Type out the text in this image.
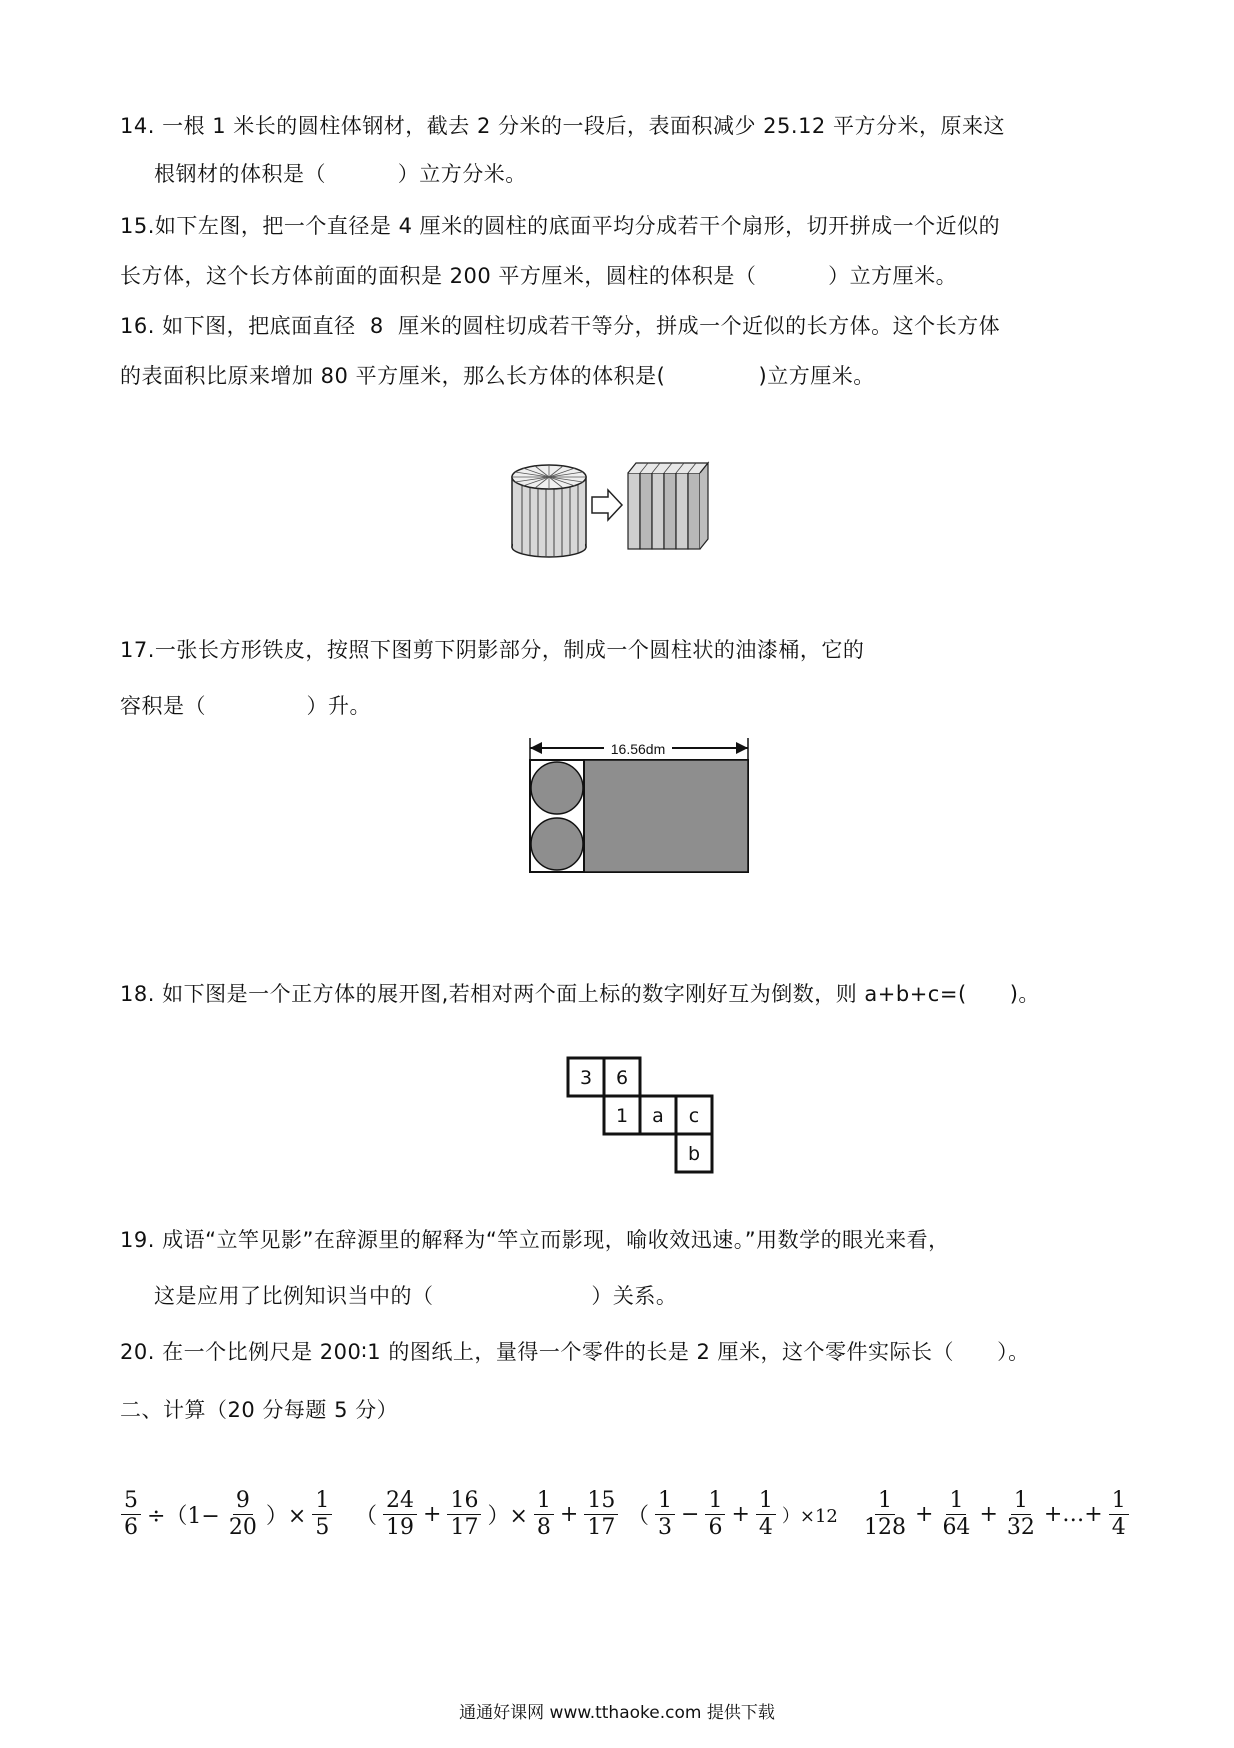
14. 一根 1 米长的圆柱体钢材，截去 2 分米的一段后，表面积减少 25.12 平方分米，原来这
根钢材的体积是（          ）立方分米。
15.如下左图，把一个直径是 4 厘米的圆柱的底面平均分成若干个扇形，切开拼成一个近似的
长方体，这个长方体前面的面积是 200 平方厘米，圆柱的体积是（          ）立方厘米。
16. 如下图，把底面直径  8  厘米的圆柱切成若干等分，拼成一个近似的长方体。这个长方体
的表面积比原来增加 80 平方厘米，那么长方体的体积是(             )立方厘米。
17.一张长方形铁皮，按照下图剪下阴影部分，制成一个圆柱状的油漆桶，它的
容积是（              ）升。
16.56dm
18. 如下图是一个正方体的展开图,若相对两个面上标的数字刚好互为倒数，则 a+b+c=(      )。
3 6
1 a c
b
19. 成语“立竿见影”在辞源里的解释为“竿立而影现，喻收效迅速。”用数学的眼光来看，
这是应用了比例知识当中的（                      ）关系。
20. 在一个比例尺是 200∶1 的图纸上，量得一个零件的长是 2 厘米，这个零件实际长（      ）。
二、计算（20 分每题 5 分）
$\frac{5}{6} \div(1- \frac{9}{20}$ ）× $\frac{1}{5}$ （ $\frac{24}{19} + \frac{16}{17}$ ）× $\frac{1}{8} + \frac{15}{17}$ （ $\frac{1}{3} - \frac{1}{6} + \frac{1}{4} )\times 12 \frac{1}{128} + \frac{1}{64} + \frac{1}{32}$ +…+ $\frac{1}{4}$
通通好课网 www.tthaoke.com 提供下载
